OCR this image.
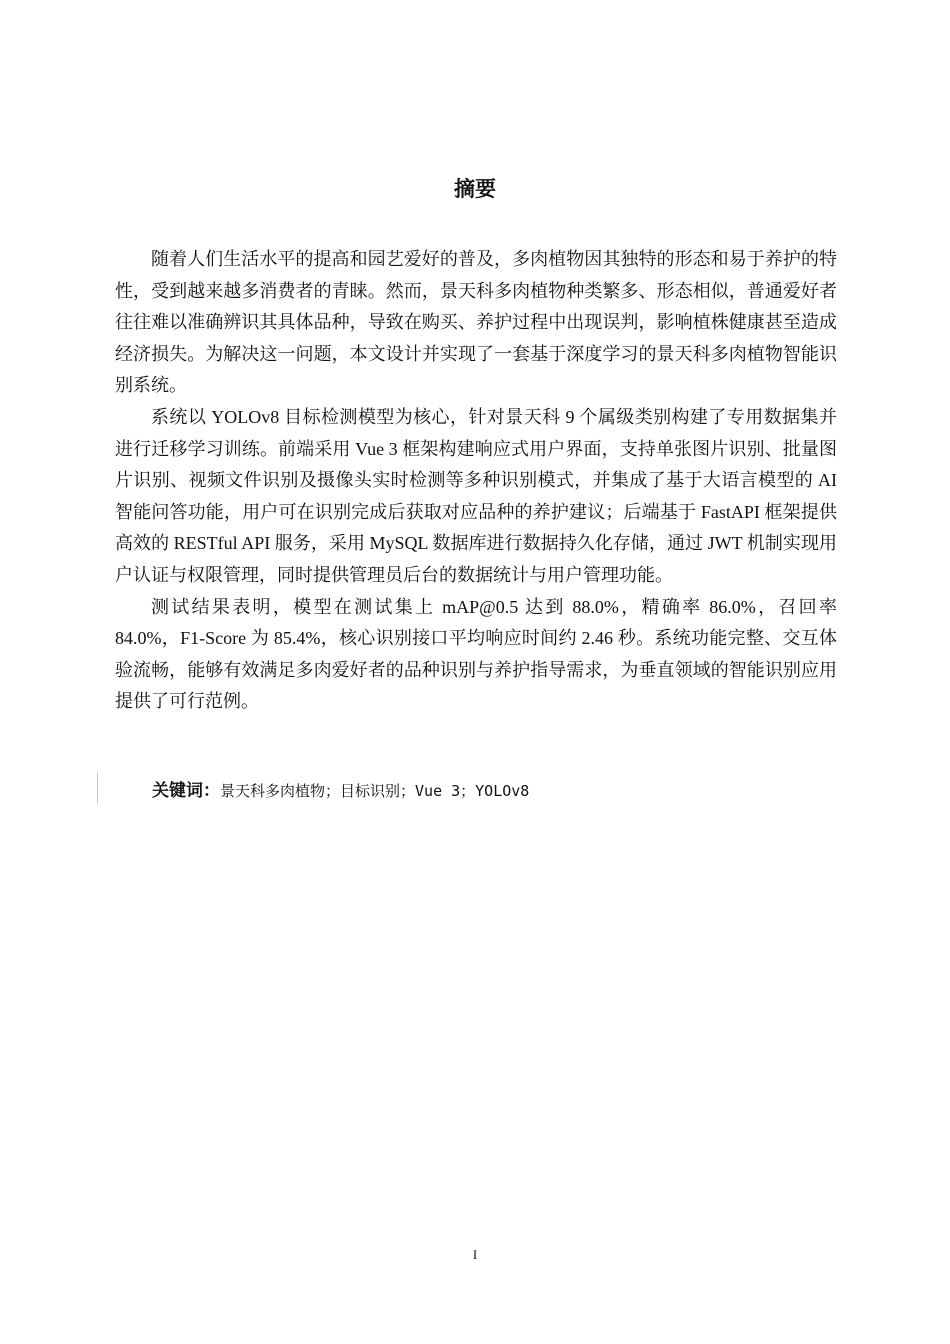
摘要

随着人们生活水平的提高和园艺爱好的普及，多肉植物因其独特的形态和易于养护的特性，受到越来越多消费者的青睐。然而，景天科多肉植物种类繁多、形态相似，普通爱好者往往难以准确辨识其具体品种，导致在购买、养护过程中出现误判，影响植株健康甚至造成经济损失。为解决这一问题，本文设计并实现了一套基于深度学习的景天科多肉植物智能识别系统。

系统以 YOLOv8 目标检测模型为核心，针对景天科 9 个属级类别构建了专用数据集并进行迁移学习训练。前端采用 Vue 3 框架构建响应式用户界面，支持单张图片识别、批量图片识别、视频文件识别及摄像头实时检测等多种识别模式，并集成了基于大语言模型的 AI 智能问答功能，用户可在识别完成后获取对应品种的养护建议；后端基于 FastAPI 框架提供高效的 RESTful API 服务，采用 MySQL 数据库进行数据持久化存储，通过 JWT 机制实现用户认证与权限管理，同时提供管理员后台的数据统计与用户管理功能。

测试结果表明，模型在测试集上 mAP@0.5 达到 88.0%，精确率 86.0%，召回率 84.0%，F1-Score 为 85.4%，核心识别接口平均响应时间约 2.46 秒。系统功能完整、交互体验流畅，能够有效满足多肉爱好者的品种识别与养护指导需求，为垂直领域的智能识别应用提供了可行范例。

关键词：景天科多肉植物；目标识别；Vue 3；YOLOv8
I
